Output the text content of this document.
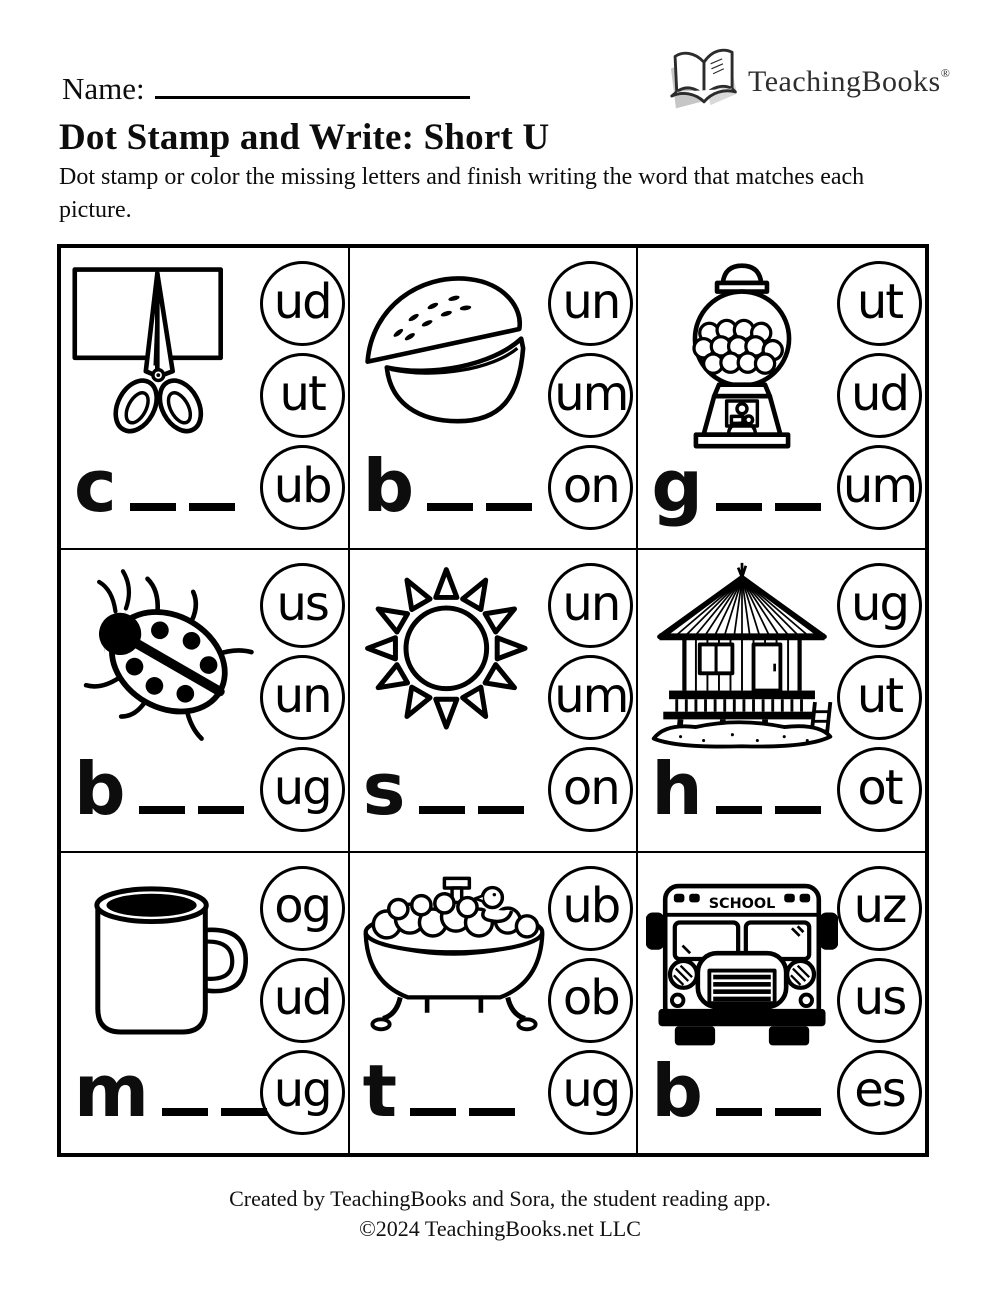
Name:	TeachingBooks®
Dot Stamp and Write: Short U
Dot stamp or color the missing letters and finish writing the word that matches each picture.
ud
ut
ub
c
un
um
on
b
ut
ud
um
g
us
un
ug
b
un
um
on
s
ug
ut
ot
h
og
ud
ug
m
ub
ob
ug
t
SCHOOL	uz
us
es
b
Created by TeachingBooks and Sora, the student reading app.
©2024 TeachingBooks.net LLC
